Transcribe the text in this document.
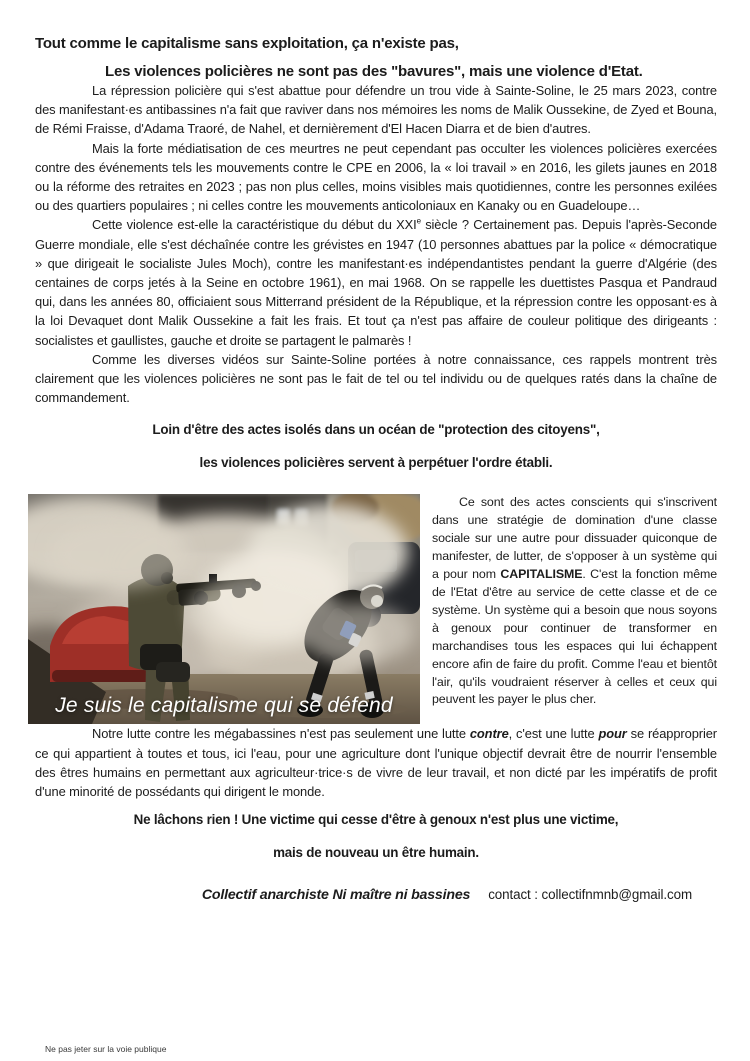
Tout comme le capitalisme sans exploitation, ça n'existe pas,
Les violences policières ne sont pas des "bavures", mais une violence d'Etat.

La répression policière qui s'est abattue pour défendre un trou vide à Sainte-Soline, le 25 mars 2023, contre des manifestant·es antibassines n'a fait que raviver dans nos mémoires les noms de Malik Oussekine, de Zyed et Bouna, de Rémi Fraisse, d'Adama Traoré, de Nahel, et dernièrement d'El Hacen Diarra et de bien d'autres.

Mais la forte médiatisation de ces meurtres ne peut cependant pas occulter les violences policières exercées contre des événements tels les mouvements contre le CPE en 2006, la « loi travail » en 2016, les gilets jaunes en 2018 ou la réforme des retraites en 2023 ; pas non plus celles, moins visibles mais quotidiennes, contre les personnes exilées ou des quartiers populaires ; ni celles contre les mouvements anticoloniaux en Kanaky ou en Guadeloupe…

Cette violence est-elle la caractéristique du début du XXIe siècle ? Certainement pas. Depuis l'après-Seconde Guerre mondiale, elle s'est déchaînée contre les grévistes en 1947 (10 personnes abattues par la police « démocratique » que dirigeait le socialiste Jules Moch), contre les manifestant·es indépendantistes pendant la guerre d'Algérie (des centaines de corps jetés à la Seine en octobre 1961), en mai 1968. On se rappelle les duettistes Pasqua et Pandraud qui, dans les années 80, officiaient sous Mitterrand président de la République, et la répression contre les opposant·es à la loi Devaquet dont Malik Oussekine a fait les frais. Et tout ça n'est pas affaire de couleur politique des dirigeants : socialistes et gaullistes, gauche et droite se partagent le palmarès !

Comme les diverses vidéos sur Sainte-Soline portées à notre connaissance, ces rappels montrent très clairement que les violences policières ne sont pas le fait de tel ou tel individu ou de quelques ratés dans la chaîne de commandement.

Loin d'être des actes isolés dans un océan de "protection des citoyens",

les violences policières servent à perpétuer l'ordre établi.

Je suis le capitalisme qui se défend

Ce sont des actes conscients qui s'inscrivent dans une stratégie de domination d'une classe sociale sur une autre pour dissuader quiconque de manifester, de lutter, de s'opposer à un système qui a pour nom CAPITALISME. C'est la fonction même de l'Etat d'être au service de cette classe et de ce système. Un système qui a besoin que nous soyons à genoux pour continuer de transformer en marchandises tous les espaces qui lui échappent encore afin de faire du profit. Comme l'eau et bientôt l'air, qu'ils voudraient réserver à celles et ceux qui peuvent les payer le plus cher.

Notre lutte contre les mégabassines n'est pas seulement une lutte contre, c'est une lutte pour se réapproprier ce qui appartient à toutes et tous, ici l'eau, pour une agriculture dont l'unique objectif devrait être de nourrir l'ensemble des êtres humains en permettant aux agriculteur·trice·s de vivre de leur travail, et non dicté par les impératifs de profit d'une minorité de possédants qui dirigent le monde.

Ne lâchons rien ! Une victime qui cesse d'être à genoux n'est plus une victime,

mais de nouveau un être humain.

Collectif anarchiste Ni maître ni bassines contact : collectifnmnb@gmail.com
Ne pas jeter sur la voie publique
